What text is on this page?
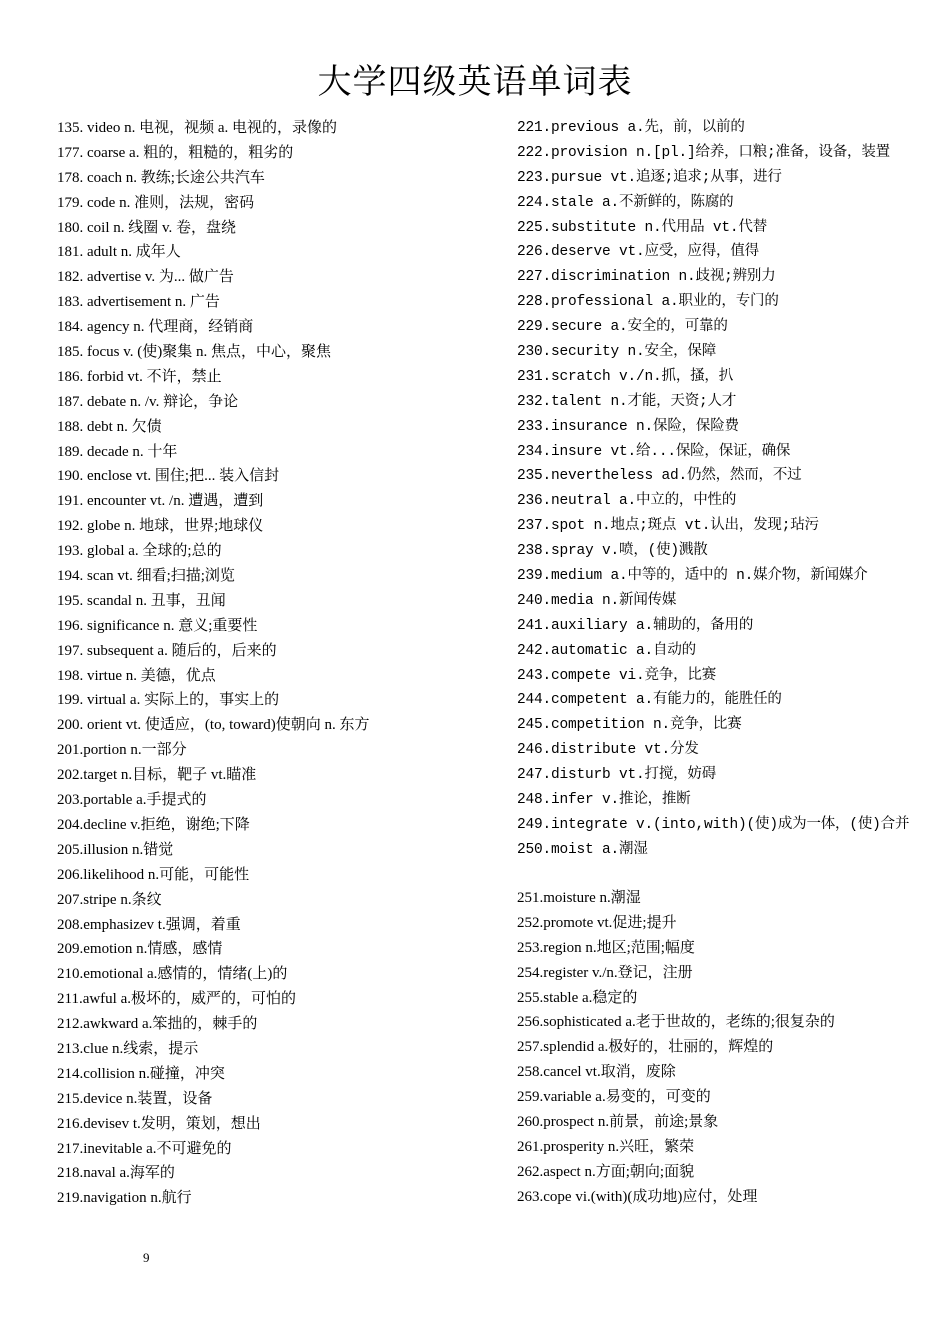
大学四级英语单词表
135. video n. 电视，视频 a. 电视的，录像的
177. coarse a. 粗的，粗糙的，粗劣的
178. coach n. 教练;长途公共汽车
179. code n. 准则，法规，密码
180. coil n. 线圈 v. 卷，盘绕
181. adult n. 成年人
182. advertise v. 为... 做广告
183. advertisement n. 广告
184. agency n. 代理商，经销商
185. focus v. (使)聚集 n. 焦点，中心，聚焦
186. forbid vt. 不许，禁止
187. debate n. /v. 辩论，争论
188. debt n. 欠债
189. decade n. 十年
190. enclose vt. 围住;把... 装入信封
191. encounter vt. /n. 遭遇，遭到
192. globe n. 地球，世界;地球仪
193. global a. 全球的;总的
194. scan vt. 细看;扫描;浏览
195. scandal n. 丑事，丑闻
196. significance n. 意义;重要性
197. subsequent a. 随后的，后来的
198. virtue n. 美德，优点
199. virtual a. 实际上的，事实上的
200. orient vt. 使适应，(to, toward)使朝向 n. 东方
201.portion n.一部分
202.target n.目标，靶子 vt.瞄准
203.portable a.手提式的
204.decline v.拒绝，谢绝;下降
205.illusion n.错觉
206.likelihood n.可能，可能性
207.stripe n.条纹
208.emphasizev t.强调，着重
209.emotion n.情感，感情
210.emotional a.感情的，情绪(上)的
211.awful a.极坏的，威严的，可怕的
212.awkward a.笨拙的，棘手的
213.clue n.线索，提示
214.collision n.碰撞，冲突
215.device n.装置，设备
216.devisev t.发明，策划，想出
217.inevitable a.不可避免的
218.naval a.海军的
219.navigation n.航行
221.previous a.先，前，以前的
222.provision n.[pl.]给养，口粮;准备，设备，装置
223.pursue vt.追逐;追求;从事，进行
224.stale a.不新鲜的，陈腐的
225.substitute n.代用品 vt.代替
226.deserve vt.应受，应得，值得
227.discrimination n.歧视;辨别力
228.professional a.职业的，专门的
229.secure a.安全的，可靠的
230.security n.安全，保障
231.scratch v./n.抓，搔，扒
232.talent n.才能，天资;人才
233.insurance n.保险，保险费
234.insure vt.给...保险，保证，确保
235.nevertheless ad.仍然，然而，不过
236.neutral a.中立的，中性的
237.spot n.地点;斑点 vt.认出，发现;玷污
238.spray v.喷，(使)溅散
239.medium a.中等的，适中的 n.媒介物，新闻媒介
240.media n.新闻传媒
241.auxiliary a.辅助的，备用的
242.automatic a.自动的
243.compete vi.竞争，比赛
244.competent a.有能力的，能胜任的
245.competition n.竞争，比赛
246.distribute vt.分发
247.disturb vt.打搅，妨碍
248.infer v.推论，推断
249.integrate v.(into,with)(使)成为一体，(使)合并
250.moist a.潮湿
251.moisture n.潮湿
252.promote vt.促进;提升
253.region n.地区;范围;幅度
254.register v./n.登记，注册
255.stable a.稳定的
256.sophisticated a.老于世故的，老练的;很复杂的
257.splendid a.极好的，壮丽的，辉煌的
258.cancel vt.取消，废除
259.variable a.易变的，可变的
260.prospect n.前景，前途;景象
261.prosperity n.兴旺，繁荣
262.aspect n.方面;朝向;面貌
263.cope vi.(with)(成功地)应付，处理
9
